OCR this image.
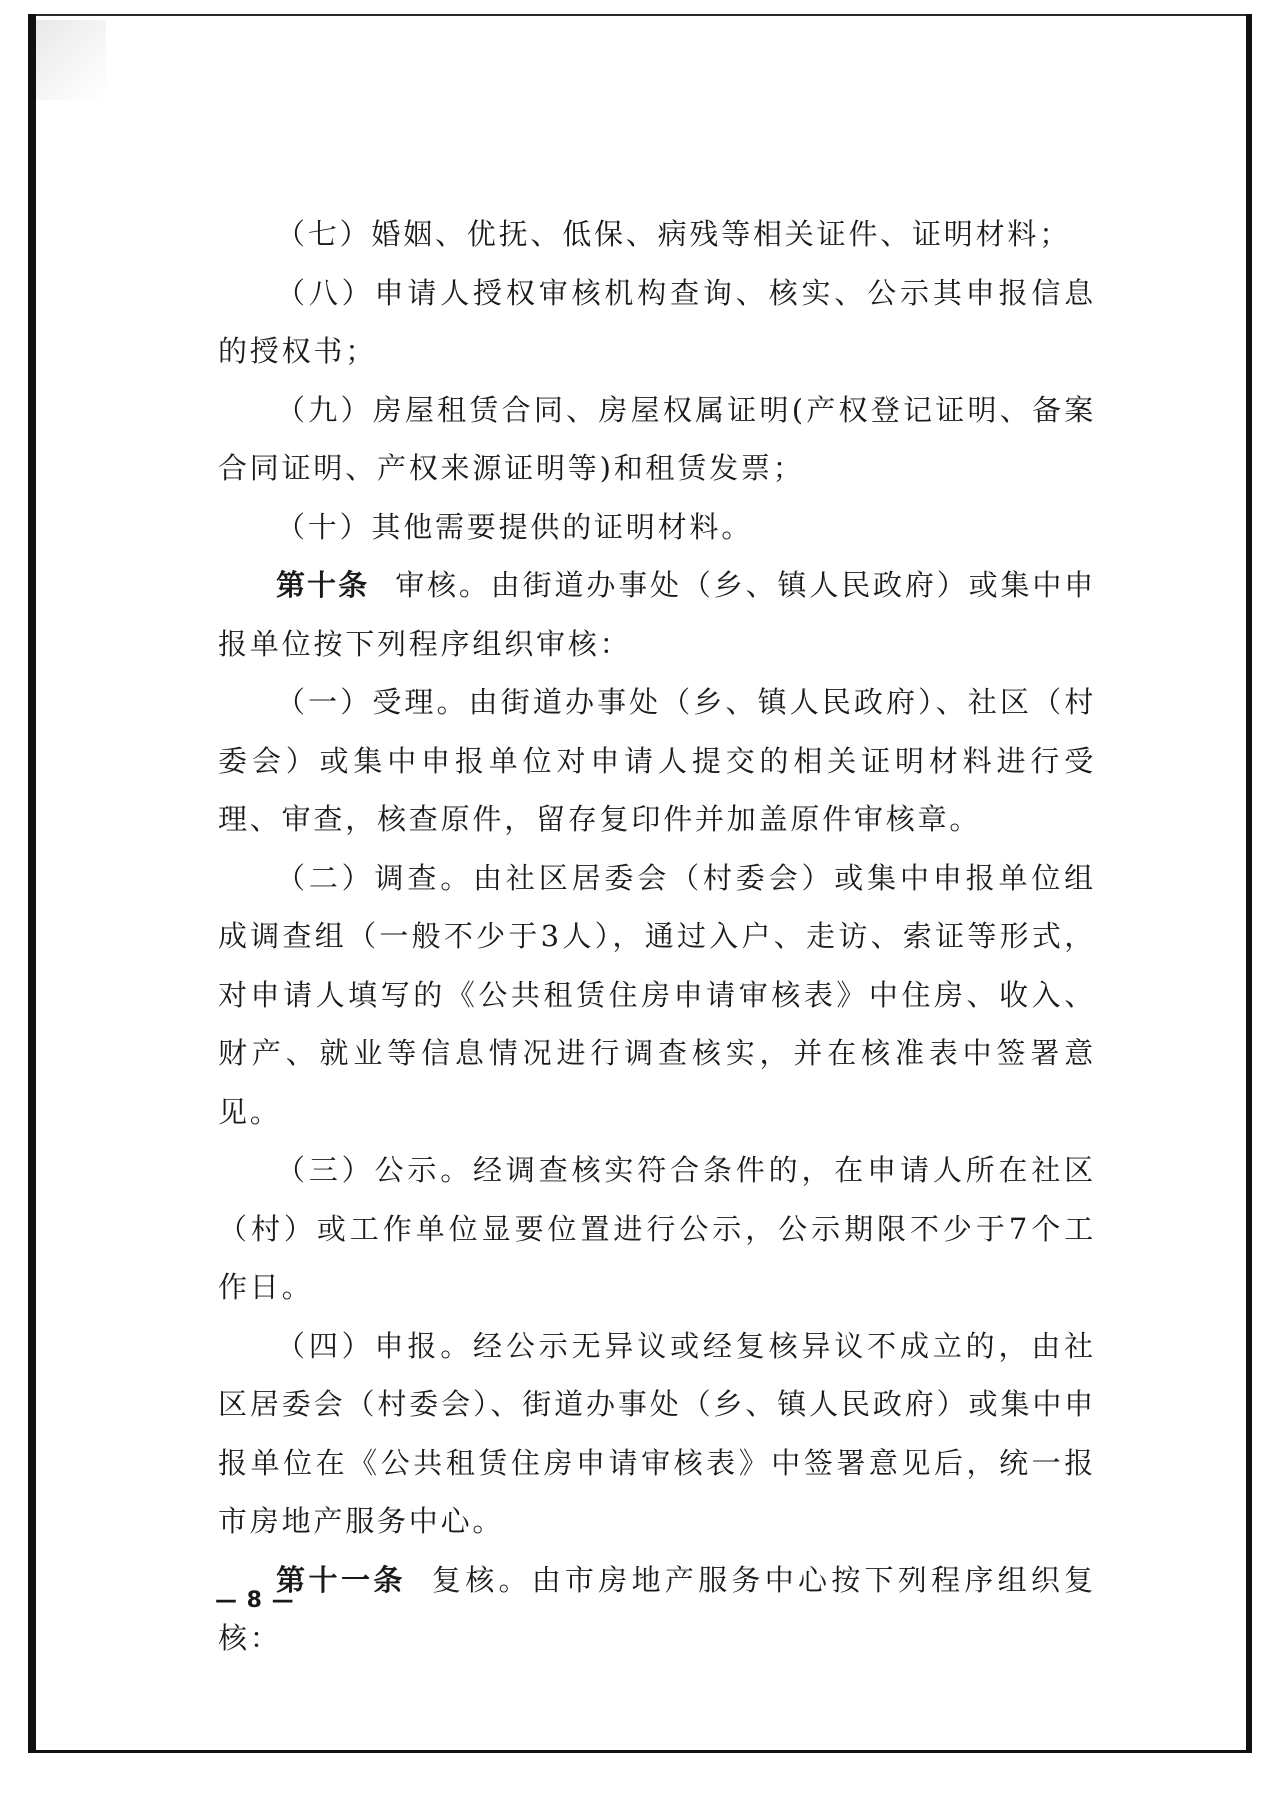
（七）婚姻、优抚、低保、病残等相关证件、证明材料；

（八）申请人授权审核机构查询、核实、公示其申报信息的授权书；

（九）房屋租赁合同、房屋权属证明(产权登记证明、备案合同证明、产权来源证明等)和租赁发票；

（十）其他需要提供的证明材料。

第十条 审核。由街道办事处（乡、镇人民政府）或集中申报单位按下列程序组织审核：

（一）受理。由街道办事处（乡、镇人民政府）、社区（村委会）或集中申报单位对申请人提交的相关证明材料进行受理、审查，核查原件，留存复印件并加盖原件审核章。

（二）调查。由社区居委会（村委会）或集中申报单位组成调查组（一般不少于3人），通过入户、走访、索证等形式，对申请人填写的《公共租赁住房申请审核表》中住房、收入、财产、就业等信息情况进行调查核实，并在核准表中签署意见。

（三）公示。经调查核实符合条件的，在申请人所在社区（村）或工作单位显要位置进行公示，公示期限不少于7个工作日。

（四）申报。经公示无异议或经复核异议不成立的，由社区居委会（村委会）、街道办事处（乡、镇人民政府）或集中申报单位在《公共租赁住房申请审核表》中签署意见后，统一报市房地产服务中心。

第十一条 复核。由市房地产服务中心按下列程序组织复核：

— 8 —
